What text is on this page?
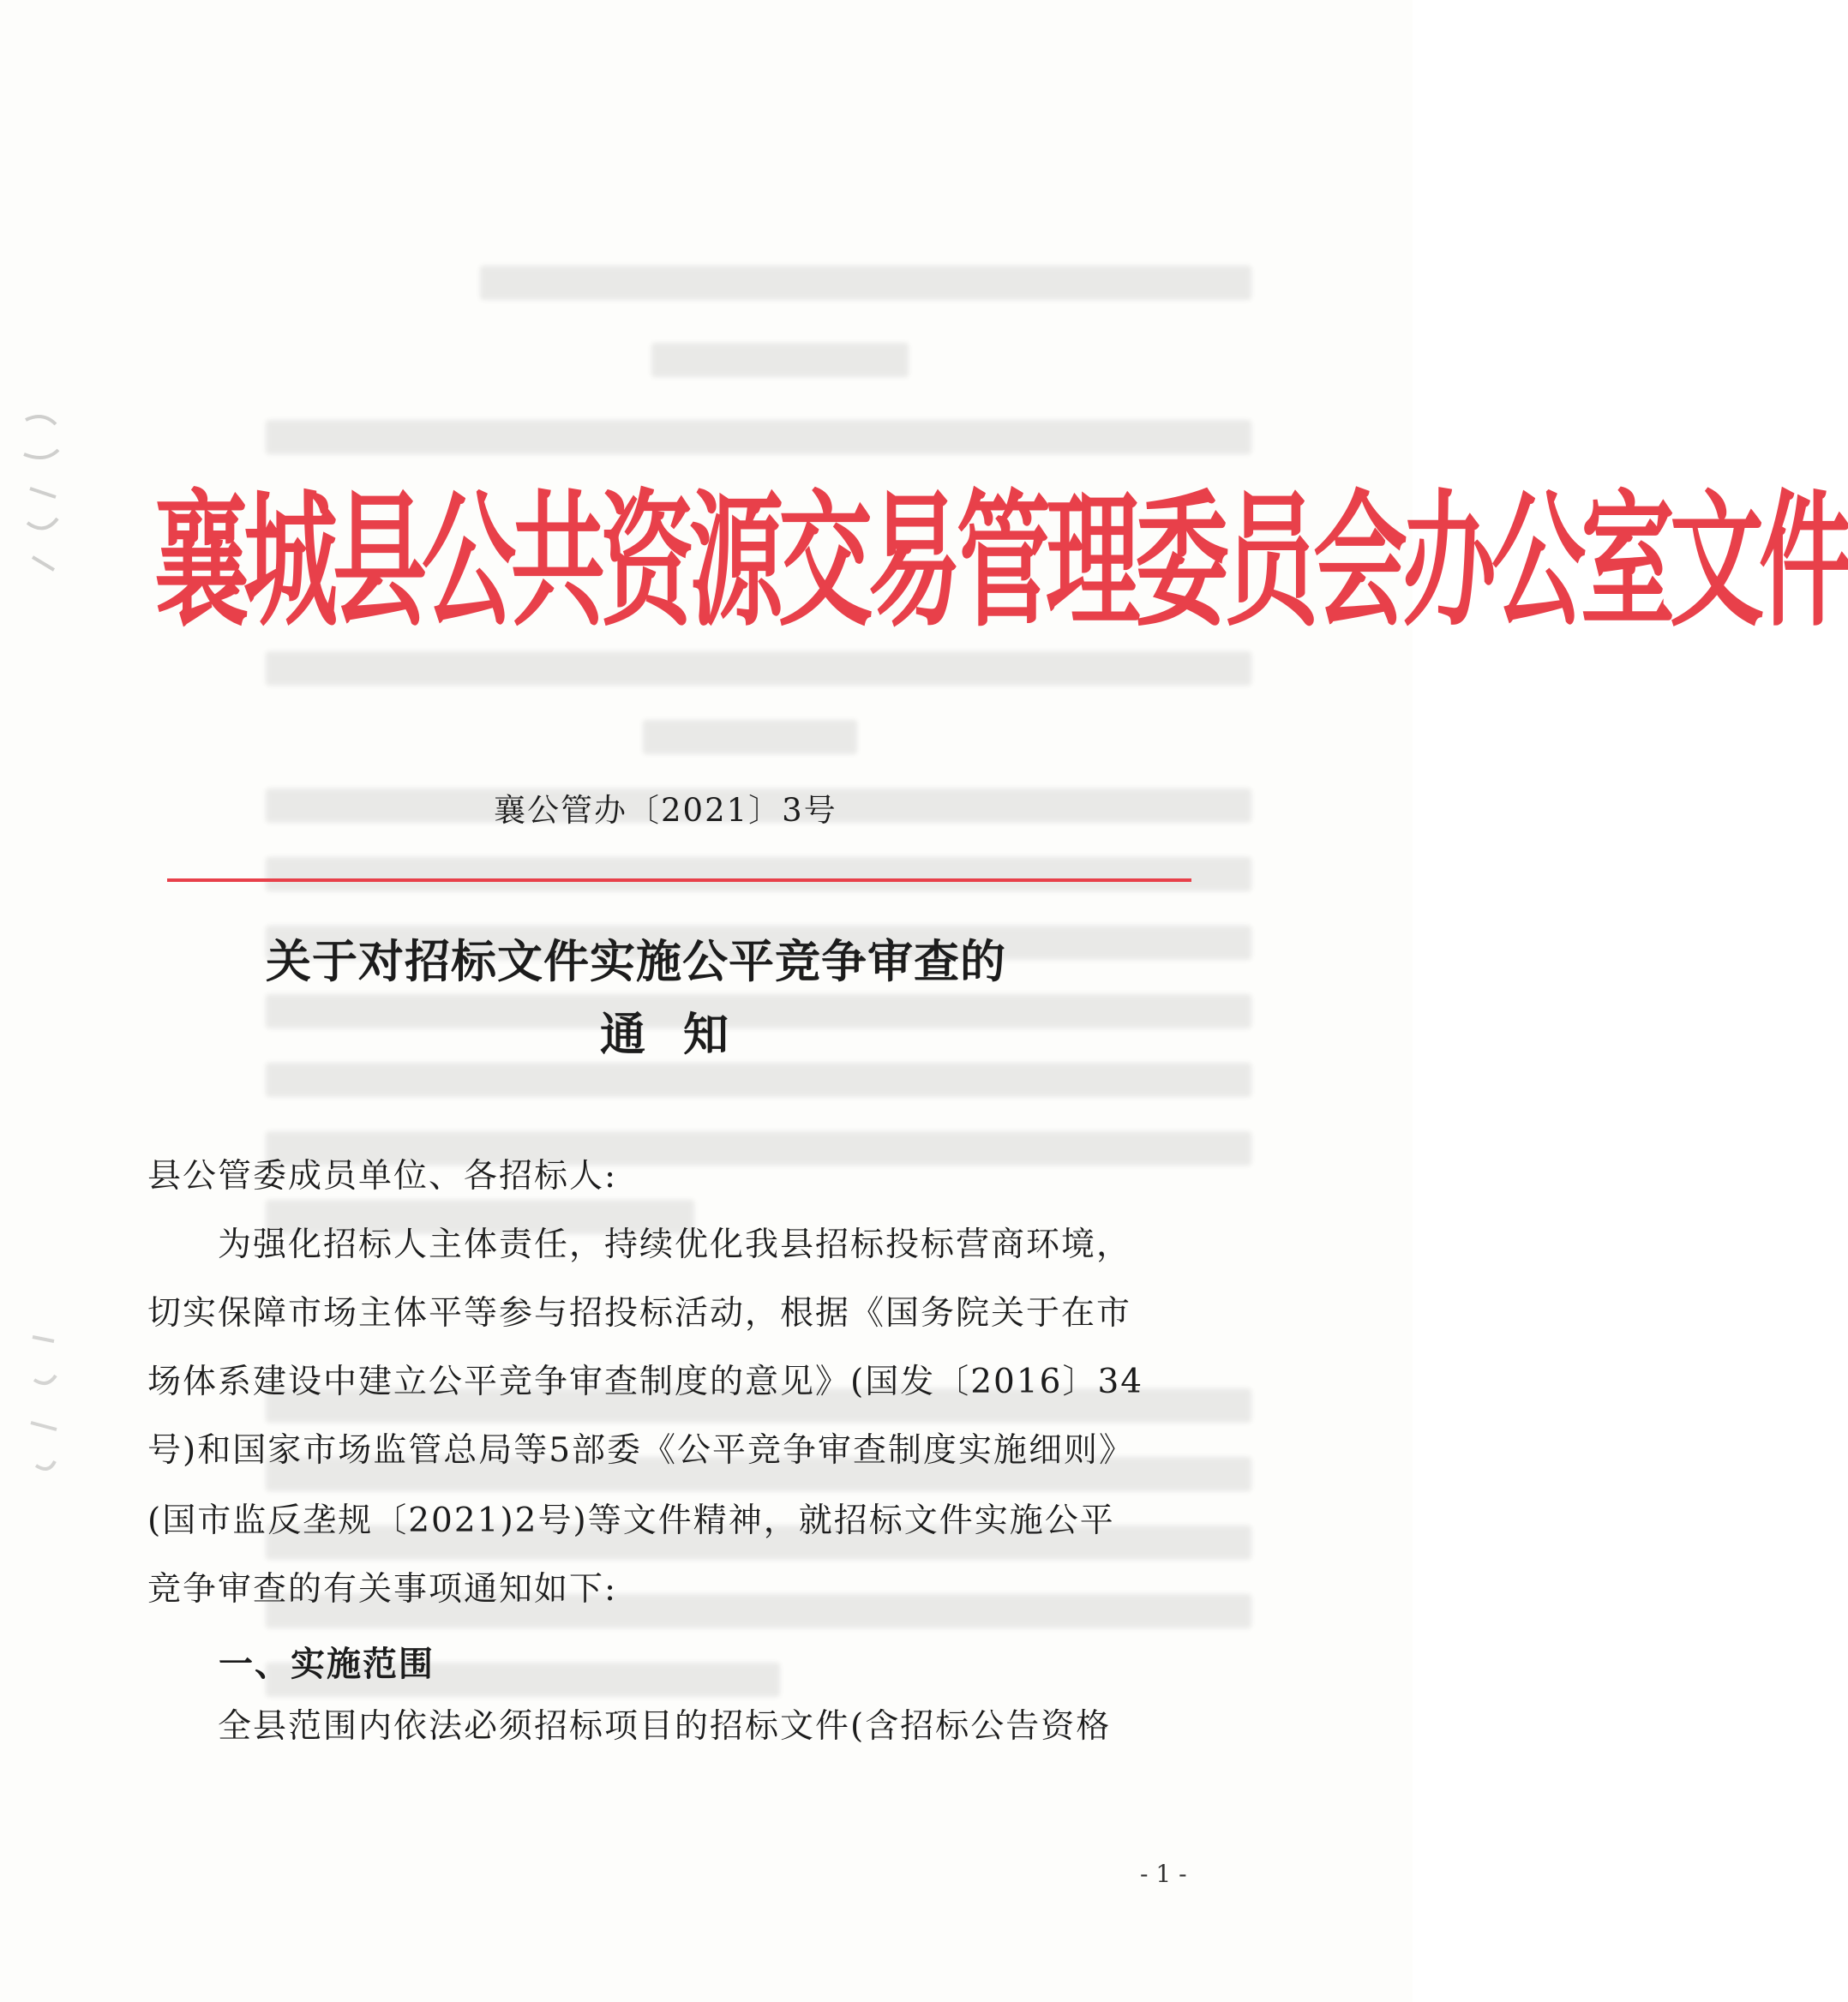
襄城县公共资源交易管理委员会办公室文件
襄公管办〔2021〕3号
关于对招标文件实施公平竞争审查的
通知
县公管委成员单位、各招标人:
　　为强化招标人主体责任，持续优化我县招标投标营商环境，
切实保障市场主体平等参与招投标活动，根据《国务院关于在市
场体系建设中建立公平竞争审查制度的意见》(国发〔2016〕34
号)和国家市场监管总局等5部委《公平竞争审查制度实施细则》
(国市监反垄规〔2021)2号)等文件精神，就招标文件实施公平
竞争审查的有关事项通知如下:
一、实施范围
　　全县范围内依法必须招标项目的招标文件(含招标公告资格
- 1 -
